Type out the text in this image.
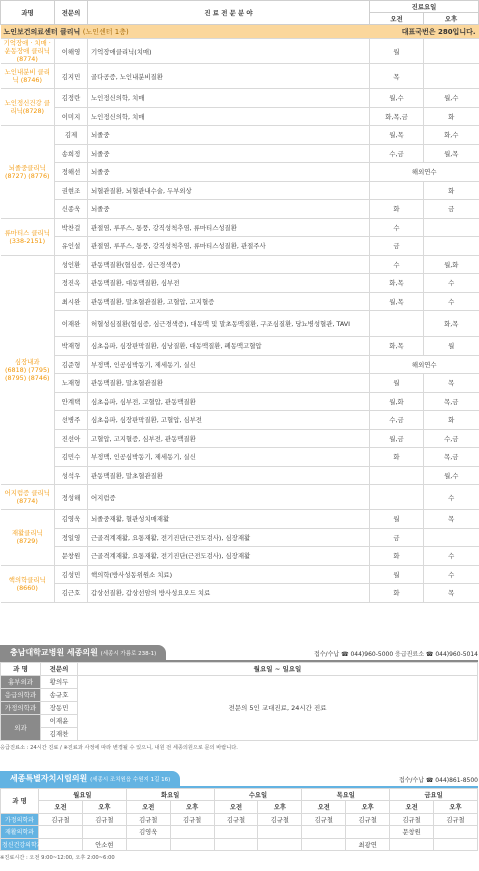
과명	전문의	진 료 전 문 분 야	진료요일	
			오전	오후
노인보건의료센터 클리닉 (노인센터 1층)			대표국번은 280입니다.	
기억장애 · 치매 · 운동장애 클리닉(8774)	이해영	기억장애클리닉(치매)	월	
노인내분비 클리닉 (8746)	김지민	골다공증, 노인내분비질환	목	
노인정신건강 클리닉(8728)	김정란	노인정신의학, 치매	월,수	월,수
	이미지	노인정신의학, 치매	화,목,금	화
뇌졸중클리닉 (8727) (8776)	김제	뇌졸중	월,목	화,수
	송희정	뇌졸중	수,금	월,목
	정해선	뇌졸중	해외연수	
	권현조	뇌혈관질환, 뇌혈관내수술, 두부외상		화
	신종욱	뇌졸중	화	금
류마티스 클리닉 (338-2151)	박찬걸	관절염, 루푸스, 통풍, 강직성척추염, 류마티스성질환	수	
	유인설	관절염, 루푸스, 통풍, 강직성척추염, 류마티스성질환, 관절주사	금	
심장내과 (6818) (7795) (8795) (8746)	성인환	관동맥질환(협심증, 심근경색증)	수	월,화
	정진옥	관동맥질환, 대동맥질환, 심부전	화,목	수
	최시완	관동맥질환, 말초혈관질환, 고혈압, 고지혈증	월,목	수
	이재완	허혈성심질환(협심증, 심근경색증), 대동맥 및 말초동맥질환, 구조심질환, 당뇨병성혈관, TAVI		화,목
	박재형	심초음파, 심장판막질환, 심낭질환, 대동맥질환, 폐동맥고혈압	화,목	월
	김준형	부정맥, 인공심박동기, 제세동기, 실신	해외연수	
	노재형	관동맥질환, 말초혈관질환	월	목
	안계택	심초음파, 심부전, 고혈압, 관동맥질환	월,화	목,금
	선병주	심초음파, 심장판막질환, 고혈압, 심부전	수,금	화
	진선아	고혈압, 고지혈증, 심부전, 관동맥질환	월,금	수,금
	김민수	부정맥, 인공심박동기, 제세동기, 실신	화	목,금
	성석우	관동맥질환, 말초혈관질환		월,수
어지럼증 클리닉(8774)	정성해	어지럼증		수
재활클리닉 (8729)	김영욱	뇌졸중재활, 혈관성치매재활	월	목
	정일영	근골격계재활, 요통재활, 전기진단(근전도검사), 심장재활	금	
	문창원	근골격계재활, 요통재활, 전기진단(근전도검사), 심장재활	화	수
핵의학클리닉 (8660)	김성민	핵의학(방사성동위원소 치료)	월	수
	김근호	갑상선질환, 갑상선암의 방사성요오드 치료	화	목
충남대학교병원 세종의원 (세종시 가름로 238-1)	접수/수납 ☎ 044)960-5000 응급진료소 ☎ 044)960-5014
과 명	전문의	월요일 ~ 일요일
흉부외과	황의두	전문의 5인 교대진료, 24시간 진료
응급의학과	송규호	
가정의학과	장동민	
외과	이재윤	
	김재찬	
응급진료소 : 24시간 진료 / ※진료과 사정에 따라 변경될 수 있으니, 내원 전 세종의원으로 문의 바랍니다.
세종특별자치시립의원 (세종시 조치원읍 수원지 1길 16)	접수/수납 ☎ 044)861-8500
과 명	월요일		화요일		수요일		목요일		금요일	
	오전	오후	오전	오후	오전	오후	오전	오후	오전	오후
가정의학과	김규철	김규철	김규철	김규철	김규철	김규철	김규철	김규철	김규철	김규철
재활의학과			김영욱						문창원	
정신건강의학과		안소현						최광연		
※진료시간 : 오전 9:00~12:00, 오후 2:00~6:00
